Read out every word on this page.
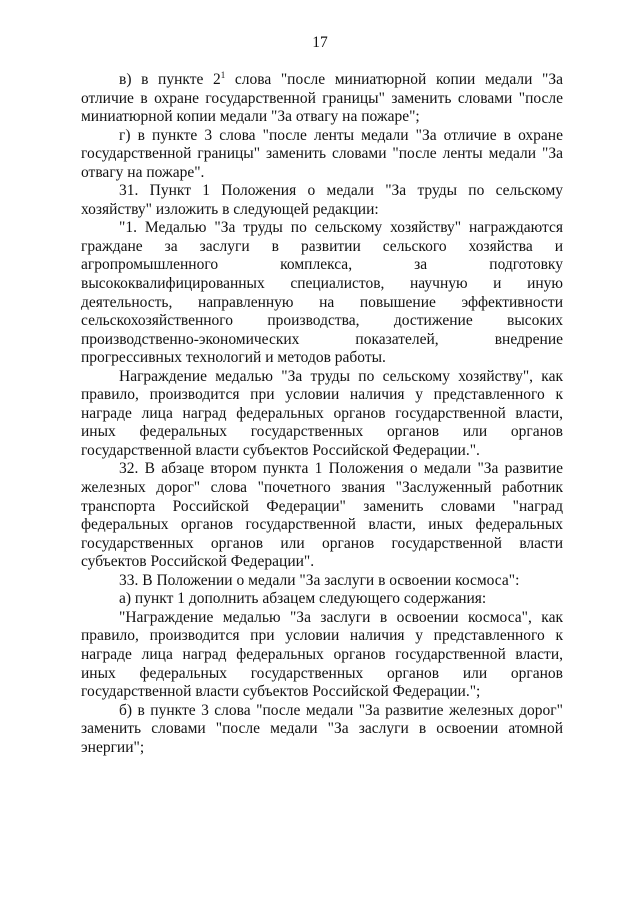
17

в) в пункте $2^1$ слова "после миниатюрной копии медали "За отличие в охране государственной границы" заменить словами "после миниатюрной копии медали "За отвагу на пожаре";

г) в пункте 3 слова "после ленты медали "За отличие в охране государственной границы" заменить словами "после ленты медали "За отвагу на пожаре".

31. Пункт 1 Положения о медали "За труды по сельскому хозяйству" изложить в следующей редакции:

"1. Медалью "За труды по сельскому хозяйству" награждаются граждане за заслуги в развитии сельского хозяйства и агропромышленного комплекса, за подготовку высококвалифицированных специалистов, научную и иную деятельность, направленную на повышение эффективности сельскохозяйственного производства, достижение высоких производственно-экономических показателей, внедрение прогрессивных технологий и методов работы.

Награждение медалью "За труды по сельскому хозяйству", как правило, производится при условии наличия у представленного к награде лица наград федеральных органов государственной власти, иных федеральных государственных органов или органов государственной власти субъектов Российской Федерации.".

32. В абзаце втором пункта 1 Положения о медали "За развитие железных дорог" слова "почетного звания "Заслуженный работник транспорта Российской Федерации" заменить словами "наград федеральных органов государственной власти, иных федеральных государственных органов или органов государственной власти субъектов Российской Федерации".

33. В Положении о медали "За заслуги в освоении космоса":

а) пункт 1 дополнить абзацем следующего содержания:

"Награждение медалью "За заслуги в освоении космоса", как правило, производится при условии наличия у представленного к награде лица наград федеральных органов государственной власти, иных федеральных государственных органов или органов государственной власти субъектов Российской Федерации.";

б) в пункте 3 слова "после медали "За развитие железных дорог" заменить словами "после медали "За заслуги в освоении атомной энергии";
